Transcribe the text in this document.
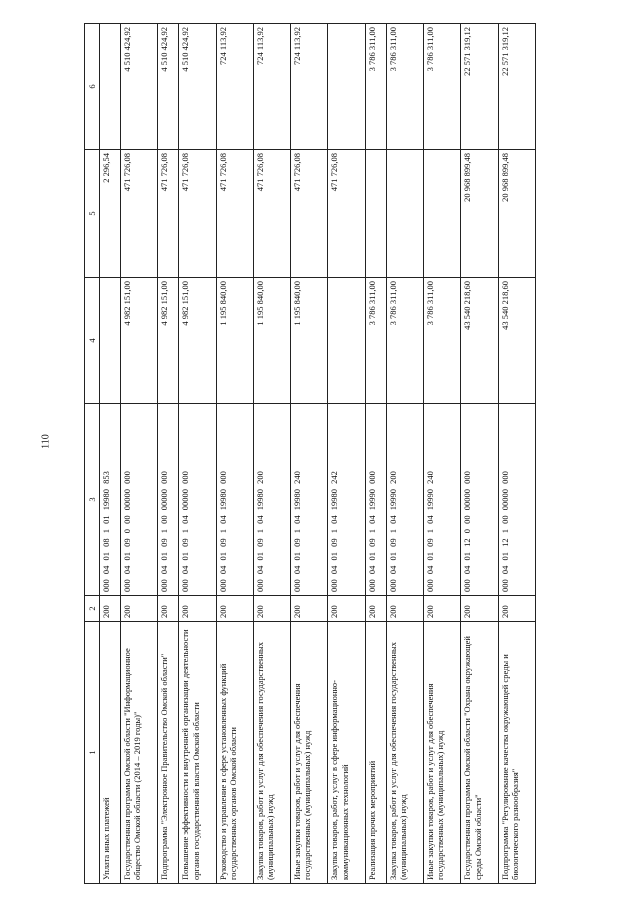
110
1	2	3	4	5	6
Уплата иных платежей	200	000 04 01 08 1 01 19980 853		2 296,54	
Государственная программа Омской области "Информационное общество Омской области (2014 – 2019 годы)"	200	000 04 01 09 0 00 00000 000	4 982 151,00	471 726,08	4 510 424,92
Подпрограмма "Электронное Правительство Омской области"	200	000 04 01 09 1 00 00000 000	4 982 151,00	471 726,08	4 510 424,92
Повышение эффективности и внутренней организации деятельности органов государственной власти Омской области	200	000 04 01 09 1 04 00000 000	4 982 151,00	471 726,08	4 510 424,92
Руководство и управление в сфере установленных функций государственных органов Омской области	200	000 04 01 09 1 04 19980 000	1 195 840,00	471 726,08	724 113,92
Закупка товаров, работ и услуг для обеспечения государственных (муниципальных) нужд	200	000 04 01 09 1 04 19980 200	1 195 840,00	471 726,08	724 113,92
Иные закупки товаров, работ и услуг для обеспечения государственных (муниципальных) нужд	200	000 04 01 09 1 04 19980 240	1 195 840,00	471 726,08	724 113,92
Закупка товаров, работ, услуг в сфере информационно-коммуникационных технологий	200	000 04 01 09 1 04 19980 242		471 726,08	
Реализация прочих мероприятий	200	000 04 01 09 1 04 19990 000	3 786 311,00		3 786 311,00
Закупка товаров, работ и услуг для обеспечения государственных (муниципальных) нужд	200	000 04 01 09 1 04 19990 200	3 786 311,00		3 786 311,00
Иные закупки товаров, работ и услуг для обеспечения государственных (муниципальных) нужд	200	000 04 01 09 1 04 19990 240	3 786 311,00		3 786 311,00
Государственная программа Омской области "Охрана окружающей среды Омской области"	200	000 04 01 12 0 00 00000 000	43 540 218,60	20 968 899,48	22 571 319,12
Подпрограмма "Регулирование качества окружающей среды и биологического разнообразия"	200	000 04 01 12 1 00 00000 000	43 540 218,60	20 968 899,48	22 571 319,12
